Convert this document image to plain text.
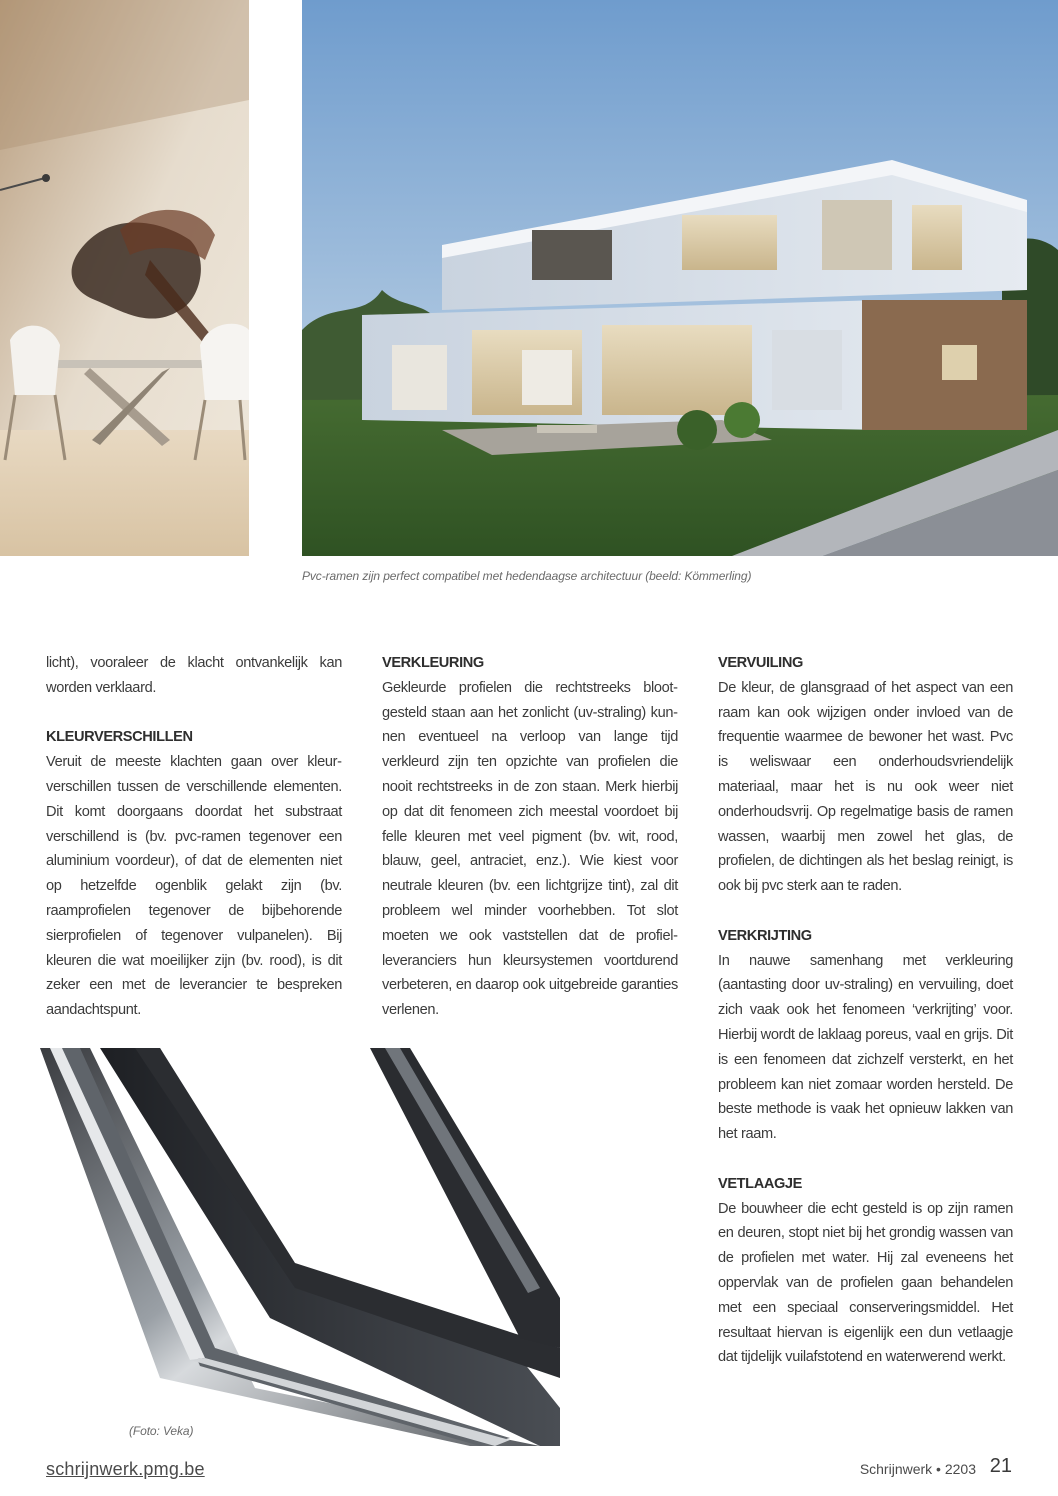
Pvc-ramen zijn perfect compatibel met hedendaagse architectuur (beeld: Kömmerling)

licht), vooraleer de klacht ontvankelijk kan worden verklaard.

KLEURVERSCHILLEN

Veruit de meeste klachten gaan over kleurverschillen tussen de verschillende elementen. Dit komt doorgaans doordat het substraat verschillend is (bv. pvc-ramen tegenover een aluminium voordeur), of dat de elementen niet op hetzelfde ogenblik gelakt zijn (bv. raamprofielen tegenover de bijbehorende sierprofielen of tegenover vulpanelen). Bij kleuren die wat moeilijker zijn (bv. rood), is dit zeker een met de leverancier te bespreken aandachtspunt.

VERKLEURING

Gekleurde profielen die rechtstreeks blootgesteld staan aan het zonlicht (uv-straling) kunnen eventueel na verloop van lange tijd verkleurd zijn ten opzichte van profielen die nooit rechtstreeks in de zon staan. Merk hierbij op dat dit fenomeen zich meestal voordoet bij felle kleuren met veel pigment (bv. wit, rood, blauw, geel, antraciet, enz.). Wie kiest voor neutrale kleuren (bv. een lichtgrijze tint), zal dit probleem wel minder voorhebben. Tot slot moeten we ook vaststellen dat de profielleveranciers hun kleursystemen voortdurend verbeteren, en daarop ook uitgebreide garanties verlenen.

VERVUILING

De kleur, de glansgraad of het aspect van een raam kan ook wijzigen onder invloed van de frequentie waarmee de bewoner het wast. Pvc is weliswaar een onderhoudsvriendelijk materiaal, maar het is nu ook weer niet onderhoudsvrij. Op regelmatige basis de ramen wassen, waarbij men zowel het glas, de profielen, de dichtingen als het beslag reinigt, is ook bij pvc sterk aan te raden.

VERKRIJTING

In nauwe samenhang met verkleuring (aantasting door uv-straling) en vervuiling, doet zich vaak ook het fenomeen ‘verkrijting’ voor. Hierbij wordt de laklaag poreus, vaal en grijs. Dit is een fenomeen dat zichzelf versterkt, en het probleem kan niet zomaar worden hersteld. De beste methode is vaak het opnieuw lakken van het raam.

VETLAAGJE

De bouwheer die echt gesteld is op zijn ramen en deuren, stopt niet bij het grondig wassen van de profielen met water. Hij zal eveneens het oppervlak van de profielen gaan behandelen met een speciaal conserveringsmiddel. Het resultaat hiervan is eigenlijk een dun vetlaagje dat tijdelijk vuilafstotend en waterwerend werkt.

(Foto: Veka)
schrijnwerk.pmg.be	Schrijnwerk • 2203 21
